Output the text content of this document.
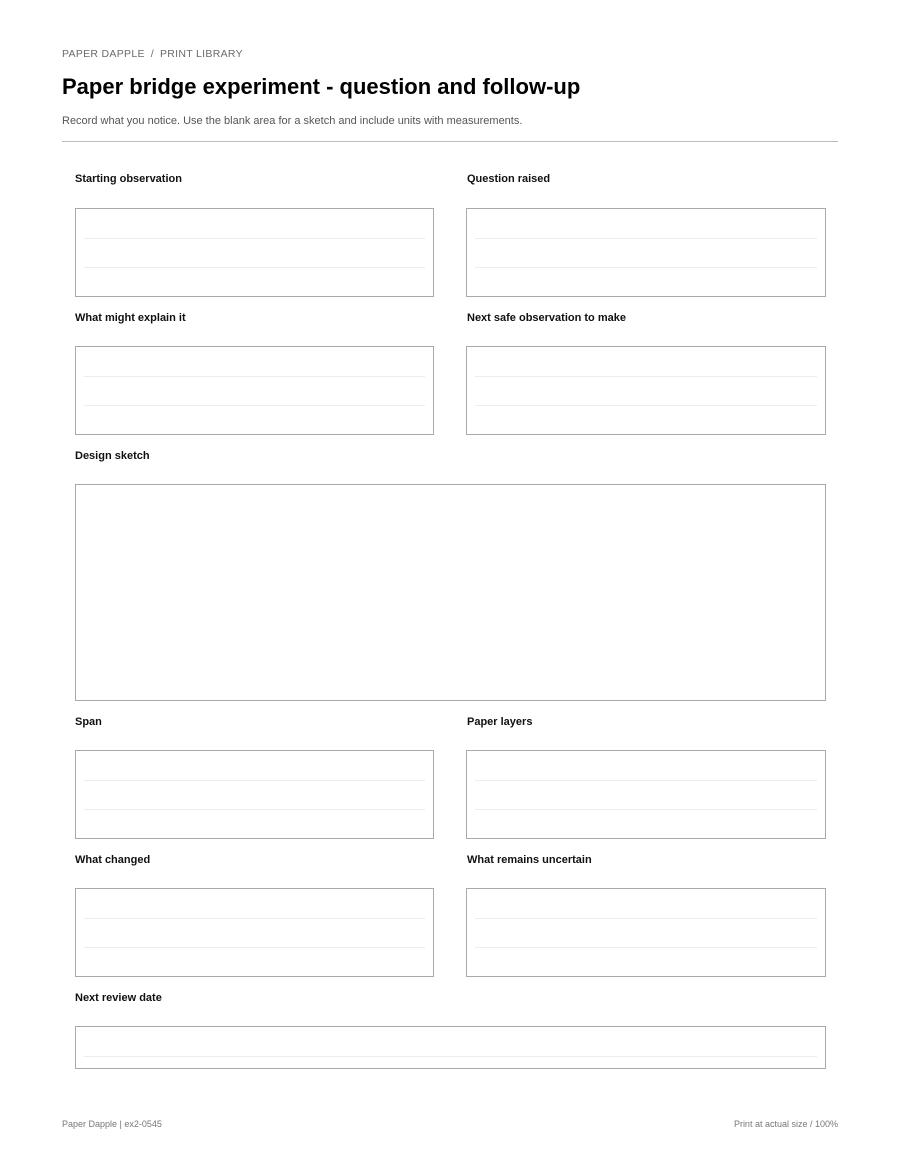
PAPER DAPPLE / PRINT LIBRARY
Paper bridge experiment - question and follow-up

Record what you notice. Use the blank area for a sketch and include units with measurements.

Starting observation	Question raised
What might explain it	Next safe observation to make
Design sketch
Span	Paper layers
What changed	What remains uncertain
Next review date
Paper Dapple | ex2-0545	Print at actual size / 100%
